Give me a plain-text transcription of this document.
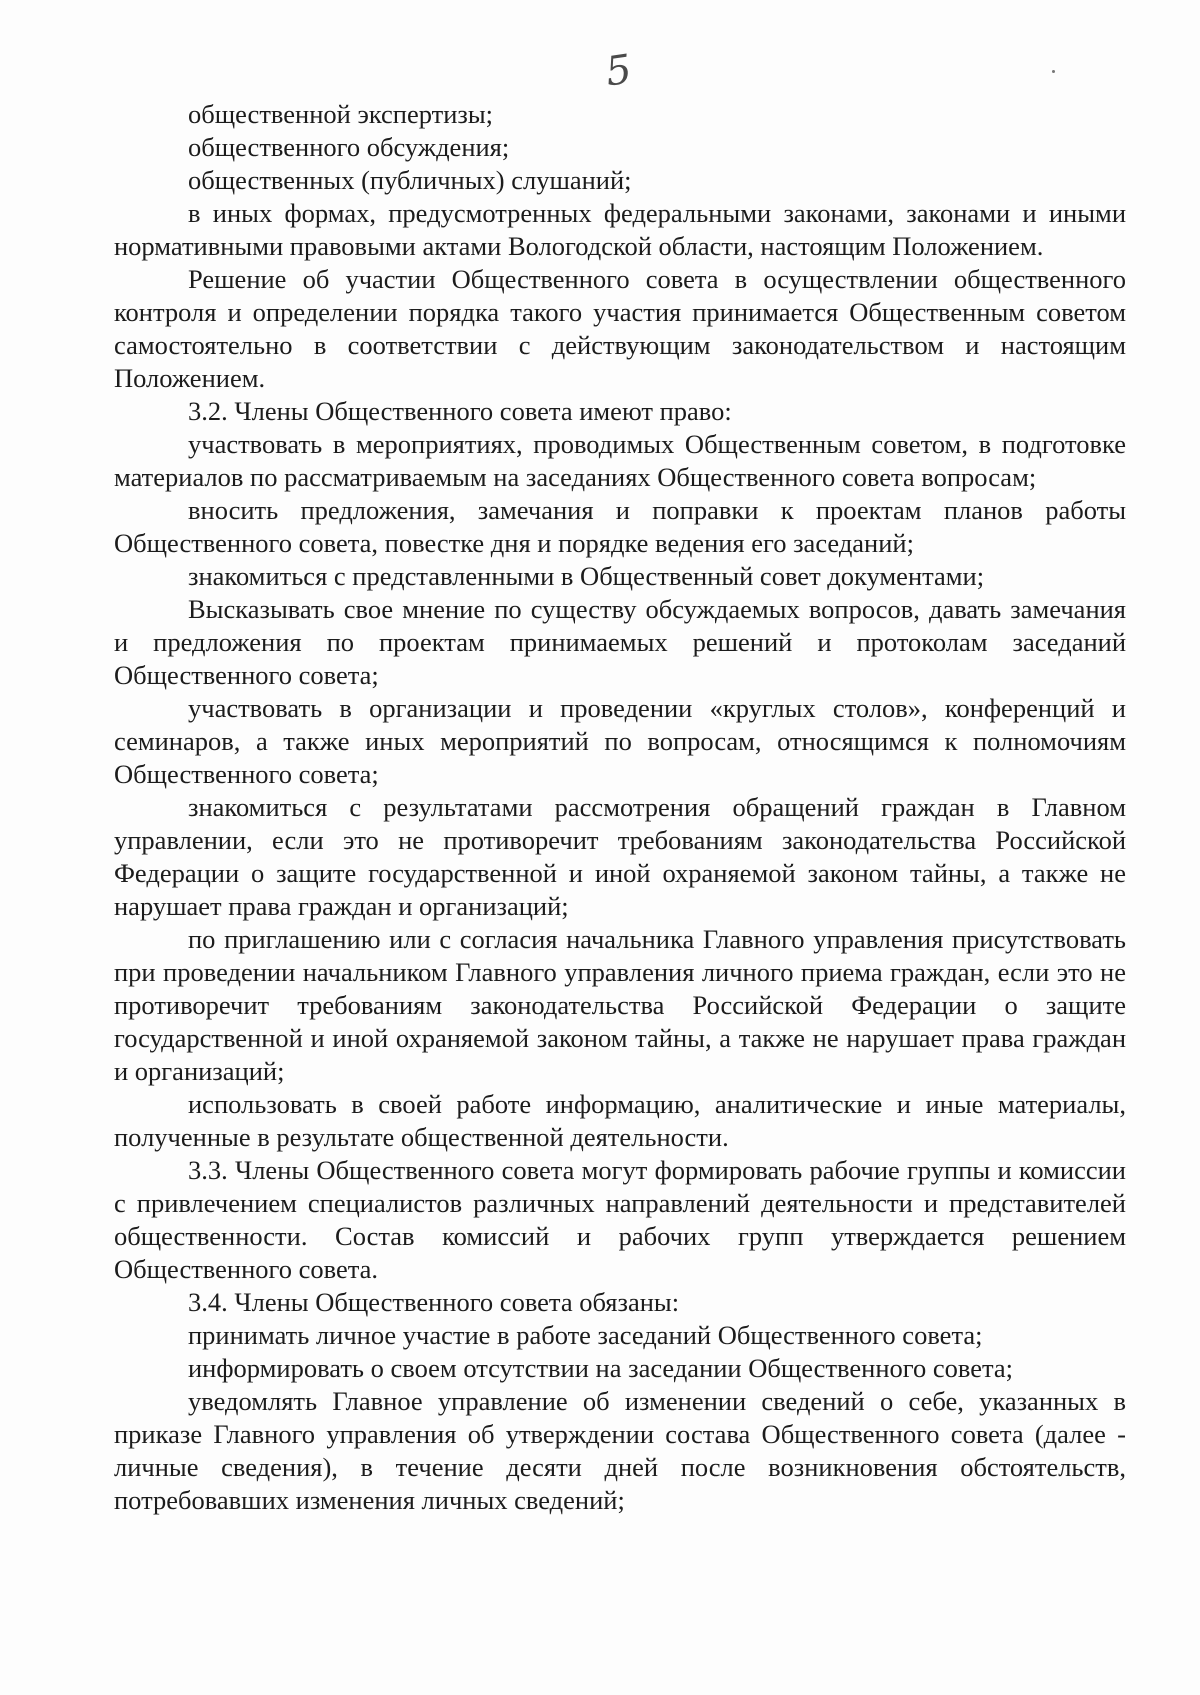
5

общественной экспертизы;

общественного обсуждения;

общественных (публичных) слушаний;

в иных формах, предусмотренных федеральными законами, законами и иными нормативными правовыми актами Вологодской области, настоящим Положением.

Решение об участии Общественного совета в осуществлении общественного контроля и определении порядка такого участия принимается Общественным советом самостоятельно в соответствии с действующим законодательством и настоящим Положением.

3.2. Члены Общественного совета имеют право:

участвовать в мероприятиях, проводимых Общественным советом, в подготовке материалов по рассматриваемым на заседаниях Общественного совета вопросам;

вносить предложения, замечания и поправки к проектам планов работы Общественного совета, повестке дня и порядке ведения его заседаний;

знакомиться с представленными в Общественный совет документами;

Высказывать свое мнение по существу обсуждаемых вопросов, давать замечания и предложения по проектам принимаемых решений и протоколам заседаний Общественного совета;

участвовать в организации и проведении «круглых столов», конференций и семинаров, а также иных мероприятий по вопросам, относящимся к полномочиям Общественного совета;

знакомиться с результатами рассмотрения обращений граждан в Главном управлении, если это не противоречит требованиям законодательства Российской Федерации о защите государственной и иной охраняемой законом тайны, а также не нарушает права граждан и организаций;

по приглашению или с согласия начальника Главного управления присутствовать при проведении начальником Главного управления личного приема граждан, если это не противоречит требованиям законодательства Российской Федерации о защите государственной и иной охраняемой законом тайны, а также не нарушает права граждан и организаций;

использовать в своей работе информацию, аналитические и иные материалы, полученные в результате общественной деятельности.

3.3. Члены Общественного совета могут формировать рабочие группы и комиссии с привлечением специалистов различных направлений деятельности и представителей общественности. Состав комиссий и рабочих групп утверждается решением Общественного совета.

3.4. Члены Общественного совета обязаны:

принимать личное участие в работе заседаний Общественного совета;

информировать о своем отсутствии на заседании Общественного совета;

уведомлять Главное управление об изменении сведений о себе, указанных в приказе Главного управления об утверждении состава Общественного совета (далее - личные сведения), в течение десяти дней после возникновения обстоятельств, потребовавших изменения личных сведений;
